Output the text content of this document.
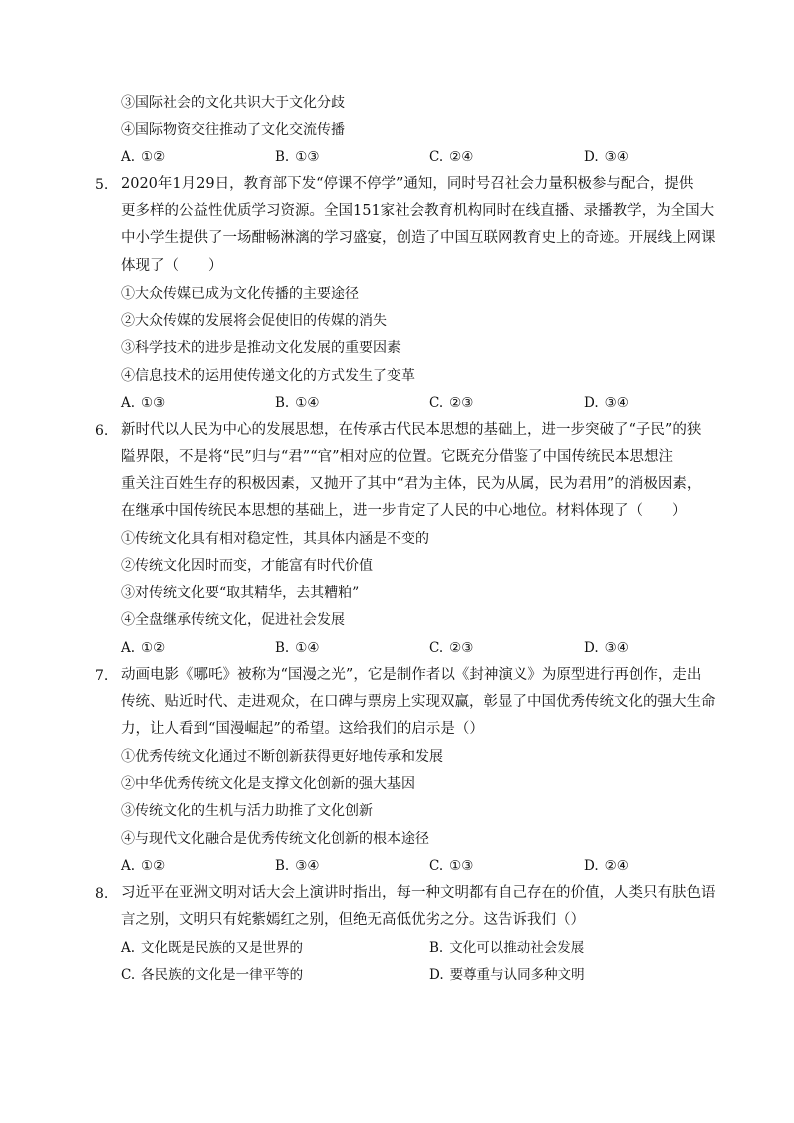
③国际社会的文化共识大于文化分歧
④国际物资交往推动了文化交流传播
A. ①②	B. ①③	C. ②④	D. ③④
5. 2020年1月29日，教育部下发“停课不停学”通知，同时号召社会力量积极参与配合，提供
更多样的公益性优质学习资源。全国151家社会教育机构同时在线直播、录播教学，为全国大
中小学生提供了一场酣畅淋漓的学习盛宴，创造了中国互联网教育史上的奇迹。开展线上网课
体现了（　　）
①大众传媒已成为文化传播的主要途径
②大众传媒的发展将会促使旧的传媒的消失
③科学技术的进步是推动文化发展的重要因素
④信息技术的运用使传递文化的方式发生了变革
A. ①③	B. ①④	C. ②③	D. ③④
6. 新时代以人民为中心的发展思想，在传承古代民本思想的基础上，进一步突破了“子民”的狭
隘界限，不是将“民”归与“君”“官”相对应的位置。它既充分借鉴了中国传统民本思想注
重关注百姓生存的积极因素，又抛开了其中“君为主体，民为从属，民为君用”的消极因素，
在继承中国传统民本思想的基础上，进一步肯定了人民的中心地位。材料体现了（　　）
①传统文化具有相对稳定性，其具体内涵是不变的
②传统文化因时而变，才能富有时代价值
③对传统文化要“取其精华，去其糟粕”
④全盘继承传统文化，促进社会发展
A. ①②	B. ①④	C. ②③	D. ③④
7. 动画电影《哪吒》被称为“国漫之光”，它是制作者以《封神演义》为原型进行再创作，走出
传统、贴近时代、走进观众，在口碑与票房上实现双赢，彰显了中国优秀传统文化的强大生命
力，让人看到“国漫崛起”的希望。这给我们的启示是（）
①优秀传统文化通过不断创新获得更好地传承和发展
②中华优秀传统文化是支撑文化创新的强大基因
③传统文化的生机与活力助推了文化创新
④与现代文化融合是优秀传统文化创新的根本途径
A. ①②	B. ③④	C. ①③	D. ②④
8. 习近平在亚洲文明对话大会上演讲时指出，每一种文明都有自己存在的价值，人类只有肤色语
言之别，文明只有姹紫嫣红之别，但绝无高低优劣之分。这告诉我们（）
A. 文化既是民族的又是世界的	B. 文化可以推动社会发展
C. 各民族的文化是一律平等的	D. 要尊重与认同多种文明
